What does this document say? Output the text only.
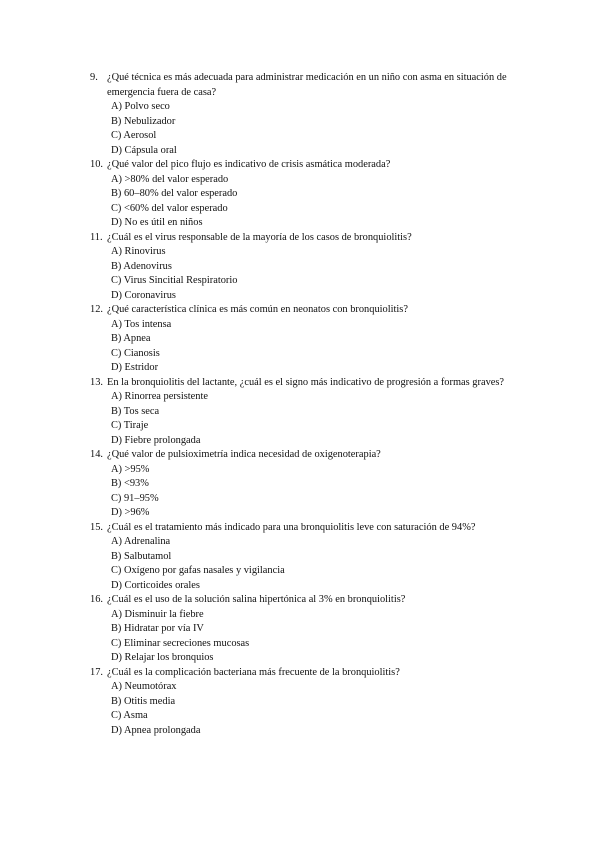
9. ¿Qué técnica es más adecuada para administrar medicación en un niño con asma en situación de emergencia fuera de casa?
A) Polvo seco
B) Nebulizador
C) Aerosol
D) Cápsula oral
10. ¿Qué valor del pico flujo es indicativo de crisis asmática moderada?
A) >80% del valor esperado
B) 60–80% del valor esperado
C) <60% del valor esperado
D) No es útil en niños
11. ¿Cuál es el virus responsable de la mayoría de los casos de bronquiolitis?
A) Rinovirus
B) Adenovirus
C) Virus Sincitial Respiratorio
D) Coronavirus
12. ¿Qué característica clínica es más común en neonatos con bronquiolitis?
A) Tos intensa
B) Apnea
C) Cianosis
D) Estridor
13. En la bronquiolitis del lactante, ¿cuál es el signo más indicativo de progresión a formas graves?
A) Rinorrea persistente
B) Tos seca
C) Tiraje
D) Fiebre prolongada
14. ¿Qué valor de pulsioximetría indica necesidad de oxigenoterapia?
A) >95%
B) <93%
C) 91–95%
D) >96%
15. ¿Cuál es el tratamiento más indicado para una bronquiolitis leve con saturación de 94%?
A) Adrenalina
B) Salbutamol
C) Oxígeno por gafas nasales y vigilancia
D) Corticoides orales
16. ¿Cuál es el uso de la solución salina hipertónica al 3% en bronquiolitis?
A) Disminuir la fiebre
B) Hidratar por vía IV
C) Eliminar secreciones mucosas
D) Relajar los bronquios
17. ¿Cuál es la complicación bacteriana más frecuente de la bronquiolitis?
A) Neumotórax
B) Otitis media
C) Asma
D) Apnea prolongada
